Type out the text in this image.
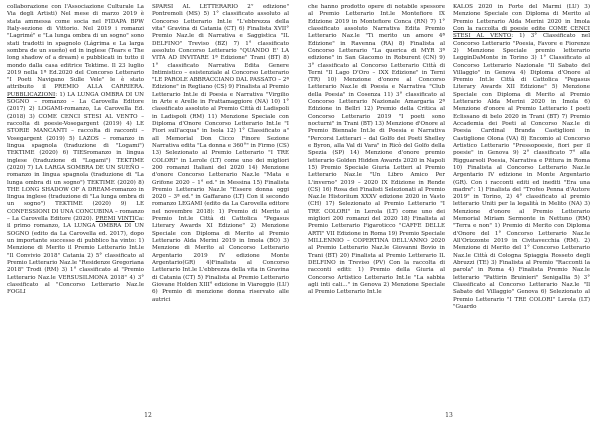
collaborazione con l'Associazione Culturale La Via degli Artisti) Nel mese di marzo 2019 è stata ammessa come socia nel FIDAPA BPW Italy-sezione di Vittorio. Nel 2019 i romanzi "Lagrimé" e "La lunga ombra di un sogno" sono stati tradotti in spagnolo (Lágrima e La larga sombra de un sueño) ed in inglese (Tears e The long shadow of a dream) e pubblicati in tutto il mondo dalla casa editrice Tektime. Il 23 luglio 2019 nella 1ª Ed.2020 del Concorso Letterario "I Poeti Navigano Sulle Vele" le è stato attribuito il PREMIO ALLA CARRIERA. PUBBLICAZIONI: 1) LA LUNGA OMBRA DI UN SOGNO – romanzo – La Carovella Editore (2017) 2) LOGAMI-romanzo, La Carovella Ed. (2018) 3) COME CENCI STESI AL VENTO – raccolta di poesie-Vosegargent (2019) 4) LE STORIE MANCANTI – raccolta di racconti – Vosegargent (2019) 5) LAZOS – romanzo in lingua spagnola (traduzione di "Logami") TEKTIME (2020) 6) TIESromanzo in lingua inglese (traduzione di "Logami") TEKTIME (2020) 7) LA LARGA SOMBRA DE UN SUEÑO – romanzo in lingua spagnola (traduzione di "La lunga ombra di un sogno") TEKTIME (2020) 8) THE LONG SHADOW OF A DREAM-romanzo in lingua inglese (traduzione di "La lunga ombra di un sogno") TEKTIME (2020) 9) LE CONFESSIONI DI UNA CONCUBINA – romanzo – La Carovella Editore (2020). PREMI VINTICa: il primo romanzo, LA LUNGA OMBRA DI UN SOGNO (edito da La Carovella ed. 2017), dopo un importante successo di pubblico ha vinto: 1) Menzione di Merito il Premio Letterario Int.le "Il Convivio 2018" Catania 2) 5° classificato al Premio Letterario Naz.le "Residenze Gregoriana 2018" Trodi (RM) 3) 1° classificato al "Premio Letterario Naz.le VERSUSILMONA 2018" 4) 3° classificato al "Concorso Letterario Naz.le FOGLI

SPARSI AL LETTERARIO 2° edizione" Pontremoli (MS) 5) 1° classificato assoluto al Concorso Letterario Int.le "L'ebbrezza della vita" Gravina di Catania (CT) 6) Finalista XVII° Premio Naz.le di Narrativa e Saggistica "IL DELFINO" Treviso (BZ) 7) 1° classificato assoluto Concorso Letterario "QUANDO E' LA VITA AD INVITARE 1ª Edizione" Trani (BT) 8) 1° classificato Narrativa Edita Genere Intimistico – esistenziale al Concorso Letterario "LE PAROLE ABBRACCIANO DAL PASSATO – 2ª Edizione" in Regliano (CS) 9) Finalista al Premio Letterario Int.le di Poesia e Narrativa "Virgilio in Arte e Arelle in Frattamaggiore (NA) 10) 1° classificato assoluto al Premio Città di Ladispoli in Ladispoli (RM) 11) Menzione Speciale con Diploma d'Onore Concorso Letterario Int.le "I Fiori sull'acqua" in Isola 12) 1° Classificato a" all Memorial Don Cicco Finore Sezione Narrativa edita "La donna e 360°" in Firmo (CS) 13) Selezionato al Premio Letterario "I TRE COLORI" in Lerole (LT) come uno dei migliori 200 romanzi Italiani del 2020 14) Menzione d'onore Concorso Letterario Naz.le "Mata e Grifone 2020 – 1° ed." in Messina 15) Finalista Premio Letterario Naz.le "Essere donna oggi 2020 – 3ª ed." in Gaffarano (LT) Con il secondo romanzo LEGAMI (edito da La Carovella editore nel novembre 2018): 1) Premio di Merito al Premio Int.le Città di Cattolica "Pegasus Literary Awards XI Edizione" 2) Menzione Speciale con Diploma di Merito al Premio Letterario Alda Merini 2019 in Imola (BO) 3) Menzione di Merito al Concorso Letterario Argentario 2019 IV edizione Monte Argentario(GR) 4)Finalista al Concorso Letterario Int.le L'ebbrezza della vita in Gravina di Catania (CT) 5) Finalista al Premio Letterario Giovane Holden XIII° edizione in Viareggio (LU) 6) Premio di menzione donna riservato alle autrici

12

che hanno prodotto opere di notabile spessore al Premio Letterario Int.le Montefiore IX Edizione 2019 in Montefiore Conca (RN) 7) 1° classificato assoluto Narrativa Edita Premio Letterario Naz.le "Ti merito un amore 4ª Edizione" in Ravenna (RA) 8) Finalista al Concorso Letterario "La querica di MYR 3ª edizione" in San Giacomo in Roburent (CN) 9) 3° classificato al Concorso Letterario Città di Terni "Il Lago D'Oro – IXX Edizione" in Terni (TR) 10) Menzione d'onore al Concorso Letterario Naz.le di Poesia e Narrativa "Club della Poesia" in Cosenza 11) 3° classificato al Concorso Letterario Nazionale Amargaria 2ª Edizione in Bellri 12) Premio della Critica al Concorso Letterario 2019 "I poeti sono nocturni" in Trani (BT) 13) Menzione d'Onore al Premio Biennale Int.le di Poesia e Narrativa "Percorsi Letterari – dal Golfo dei Poeti Shelley e Byron, alla Val di Vara" in Ricò del Golfo della Spezia (SP) 14) Menzione d'onore premio letterario Golden Hidden Awards 2020 in Napoli 15) Premio Speciale Giuria Letteri al Premio Letterario Naz.le "Un Libro Amico Per L'inverno" 2019 – 2020 IX Edizione in Rende (CS) 16) Rosa dei Finalisti Selezionati al Premio Naz.le Historiium XXXV edizione 2020 in Vasto (CH) 17) Selezionato al Premio Letterario "I TRE COLORI" in Lerola (LT) come uno dei migliori 200 romanzi del 2020 18) Finalista al Premio Letterario Figaroticco "CAFFE DELLE ARTI" VII Edizione in Roma 19) Premio Speciale MILLENNIO – COPERTINA DELL'ANNO 2020 al Premio Letterario Naz.le Giovanni Bovio in Trani (BT) 20) Finalista al Premio Letterario IL DELFINO in Treviso (PV) Con la raccolta di racconti editi: 1) Premio della Giuria al Concorso Artistico Letterario Int.le "La sabbia agli inti cali..." in Genova 2) Menzione Speciale al Premio Letterario Int.le

KALOS 2020 in Forte del Marmi (LU) 3) Menzione Speciale con Diploma di Merito al Premio Letterario Alda Merini 2020 in Imola Con la raccolta di poesie edite COME CENCI STESI AL VENTO: 1) 3° Classificato nel Concorso Letterario "Poesia, Favore e Fiorenze 2) Menzione Speciale premio letterario LegginDaMonte in Torino 3) 1° Classificato al Concorso Letterario Nazionale "Il Sabato del Villaggio" in Genova 4) Diploma d'Onore al Premio Int.le Città di Cattolica "Pegasus Literary Awards XII Edizione" 5) Menzione Speciale con Diploma di Merito al Premio Letterario Alda Merini 2020 in Imola 6) Menzione d'onore al Premio Letterario I poeti Eclissano di belo 2020 in Trani (BT) 7) Premio Accademia dei Poeti al Concorso Naz.le di Poesia Cardinal Branda Castiglioni in Castiglione Olona (VA) 8) Encomio al Concorso Artistico Letterario "Pressopoesie, fiori per il poesie" in Genova 9) 2° classificato 7° alla Rigguarsoli Poesia, Narrativa e Pittura in Roma 10) Finalista al Concorso Letterario Naz.le Argentario IV edizione in Monte Argentario (GR). Con i racconti editi ed inediti "Era una madre": 1) Finalista del "Trofeo Penna d'Autore 2019" in Torino, 2) 4° classificato al premio letterario Uniti per la legalità in Melito (NA) 3) Menzione d'onore al Premio Letterario Memorial Miriam Sermonte in Nettuno (RM) "Terra e non" 1) Premio di Merito con Diploma d'Onore del 1° Concorso Letterario Naz.le All'Orizzonte 2019 in Civitavecchia (RM). 2) Menzione di Merito del 1° Concorso Letterario Naz.le Città di Cologna Spiaggia Rosseto degli Abruzzi (TE) 3) Finalista al Premio "Racconti la parola" in Roma 4) Finalista Premio Naz.le letterario "Pattirin Bruinieri" Senigallia 5) 3° Classificato al Concorso Letterario Naz.le "Il Sabato del Villaggio" Genova 6) Selezionato al Premio Letterario "I TRE COLORI" Lerola (LT) "Guardo

13
